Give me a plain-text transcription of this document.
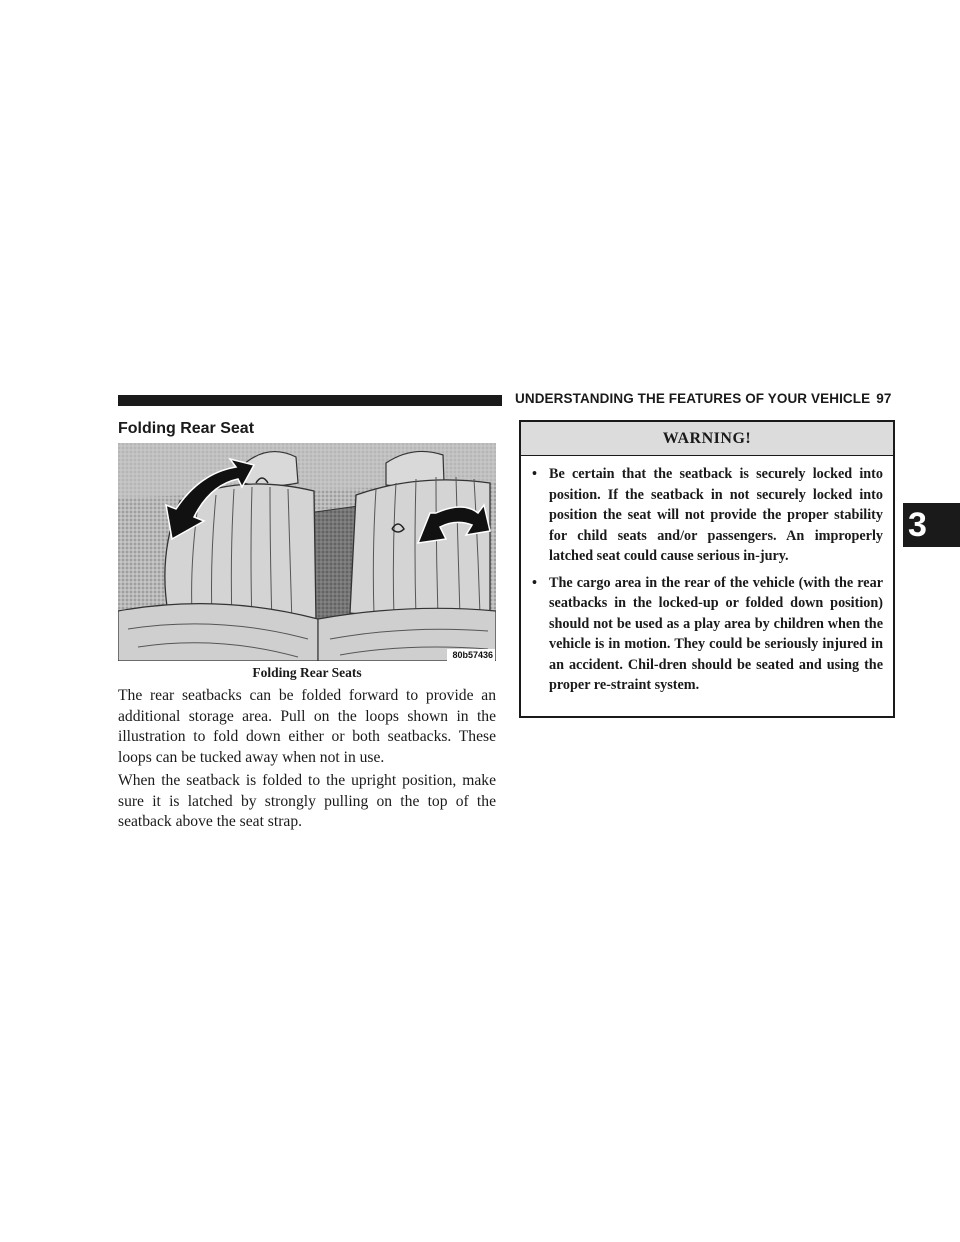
UNDERSTANDING THE FEATURES OF YOUR VEHICLE 97
Folding Rear Seat
80b57436
Folding Rear Seats

The rear seatbacks can be folded forward to provide an additional storage area. Pull on the loops shown in the illustration to fold down either or both seatbacks. These loops can be tucked away when not in use.

When the seatback is folded to the upright position, make sure it is latched by strongly pulling on the top of the seatback above the seat strap.

WARNING!
• Be certain that the seatback is securely locked into position. If the seatback in not securely locked into position the seat will not provide the proper stability for child seats and/or passengers. An improperly latched seat could cause serious in-jury.
• The cargo area in the rear of the vehicle (with the rear seatbacks in the locked-up or folded down position) should not be used as a play area by children when the vehicle is in motion. They could be seriously injured in an accident. Chil-dren should be seated and using the proper re-straint system.
3
